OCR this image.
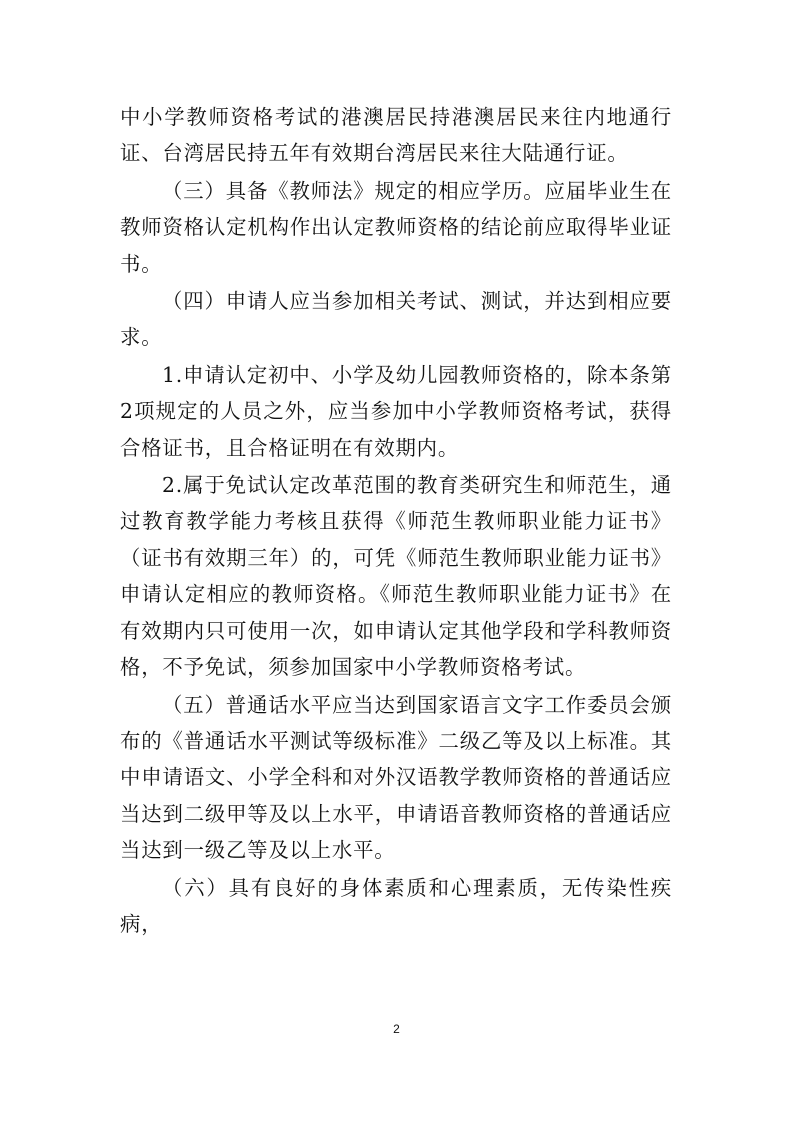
中小学教师资格考试的港澳居民持港澳居民来往内地通行证、台湾居民持五年有效期台湾居民来往大陆通行证。

（三）具备《教师法》规定的相应学历。应届毕业生在教师资格认定机构作出认定教师资格的结论前应取得毕业证书。

（四）申请人应当参加相关考试、测试，并达到相应要求。

1.申请认定初中、小学及幼儿园教师资格的，除本条第2项规定的人员之外，应当参加中小学教师资格考试，获得合格证书，且合格证明在有效期内。

2.属于免试认定改革范围的教育类研究生和师范生，通过教育教学能力考核且获得《师范生教师职业能力证书》（证书有效期三年）的，可凭《师范生教师职业能力证书》申请认定相应的教师资格。《师范生教师职业能力证书》在有效期内只可使用一次，如申请认定其他学段和学科教师资格，不予免试，须参加国家中小学教师资格考试。

（五）普通话水平应当达到国家语言文字工作委员会颁布的《普通话水平测试等级标准》二级乙等及以上标准。其中申请语文、小学全科和对外汉语教学教师资格的普通话应当达到二级甲等及以上水平，申请语音教师资格的普通话应当达到一级乙等及以上水平。

（六）具有良好的身体素质和心理素质，无传染性疾病，

2
